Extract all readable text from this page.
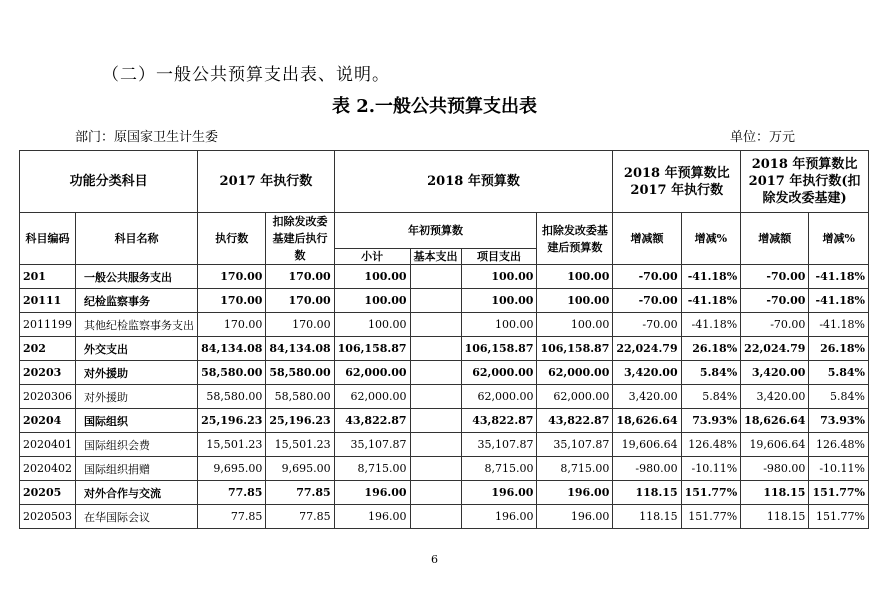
（二）一般公共预算支出表、说明。
表 2.一般公共预算支出表
部门：原国家卫生计生委	单位：万元
功能分类科目		2017 年执行数		2018 年预算数				2018 年预算数比 2017 年执行数		2018 年预算数比 2017 年执行数(扣除发改委基建)	
科目编码	科目名称	执行数	扣除发改委基建后执行数	年初预算数			扣除发改委基建后预算数	增减额	增减%	增减额	增减%
				小计	基本支出	项目支出					
201	一般公共服务支出	170.00	170.00	100.00		100.00	100.00	-70.00	-41.18%	-70.00	-41.18%
20111	纪检监察事务	170.00	170.00	100.00		100.00	100.00	-70.00	-41.18%	-70.00	-41.18%
2011199	其他纪检监察事务支出	170.00	170.00	100.00		100.00	100.00	-70.00	-41.18%	-70.00	-41.18%
202	外交支出	84,134.08	84,134.08	106,158.87		106,158.87	106,158.87	22,024.79	26.18%	22,024.79	26.18%
20203	对外援助	58,580.00	58,580.00	62,000.00		62,000.00	62,000.00	3,420.00	5.84%	3,420.00	5.84%
2020306	对外援助	58,580.00	58,580.00	62,000.00		62,000.00	62,000.00	3,420.00	5.84%	3,420.00	5.84%
20204	国际组织	25,196.23	25,196.23	43,822.87		43,822.87	43,822.87	18,626.64	73.93%	18,626.64	73.93%
2020401	国际组织会费	15,501.23	15,501.23	35,107.87		35,107.87	35,107.87	19,606.64	126.48%	19,606.64	126.48%
2020402	国际组织捐赠	9,695.00	9,695.00	8,715.00		8,715.00	8,715.00	-980.00	-10.11%	-980.00	-10.11%
20205	对外合作与交流	77.85	77.85	196.00		196.00	196.00	118.15	151.77%	118.15	151.77%
2020503	在华国际会议	77.85	77.85	196.00		196.00	196.00	118.15	151.77%	118.15	151.77%
6
